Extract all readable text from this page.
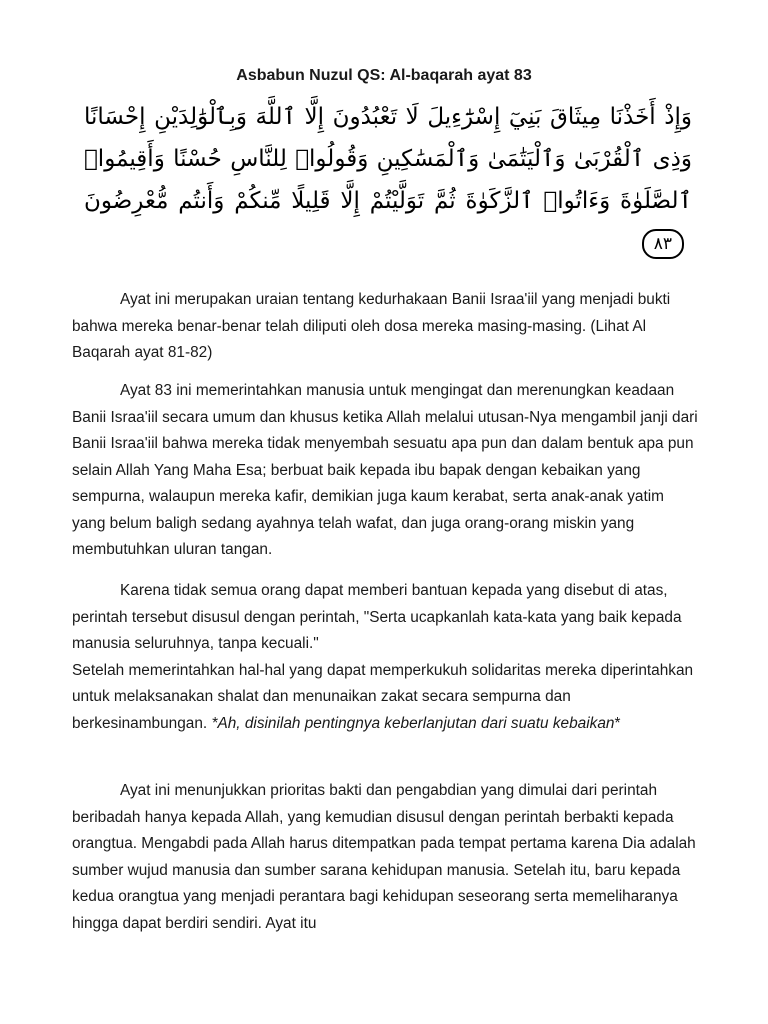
Asbabun Nuzul QS: Al-baqarah ayat 83
وَإِذْ أَخَذْنَا مِيثَاقَ بَنِيٓ إِسْرَٰٓءِيلَ لَا تَعْبُدُونَ إِلَّا ٱللَّهَ وَبِٱلْوَٰلِدَيْنِ إِحْسَانًا وَذِى ٱلْقُرْبَىٰ وَٱلْيَتَٰمَىٰ وَٱلْمَسَٰكِينِ وَقُولُوا۟ لِلنَّاسِ حُسْنًا وَأَقِيمُوا۟ ٱلصَّلَوٰةَ وَءَاتُوا۟ ٱلزَّكَوٰةَ ثُمَّ تَوَلَّيْتُمْ إِلَّا قَلِيلًا مِّنكُمْ وَأَنتُم مُّعْرِضُونَ٨٣

Ayat ini merupakan uraian tentang kedurhakaan Banii Israa'iil yang menjadi bukti bahwa mereka benar-benar telah diliputi oleh dosa mereka masing-masing. (Lihat Al Baqarah ayat 81-82)

Ayat 83 ini memerintahkan manusia untuk mengingat dan merenungkan keadaan Banii Israa'iil secara umum dan khusus ketika Allah melalui utusan-Nya mengambil janji dari Banii Israa'iil bahwa mereka tidak menyembah sesuatu apa pun dan dalam bentuk apa pun selain Allah Yang Maha Esa; berbuat baik kepada ibu bapak dengan kebaikan yang sempurna, walaupun mereka kafir, demikian juga kaum kerabat, serta anak-anak yatim yang belum baligh sedang ayahnya telah wafat, dan juga orang-orang miskin yang membutuhkan uluran tangan.

Karena tidak semua orang dapat memberi bantuan kepada yang disebut di atas, perintah tersebut disusul dengan perintah, "Serta ucapkanlah kata-kata yang baik kepada manusia seluruhnya, tanpa kecuali."

Setelah memerintahkan hal-hal yang dapat memperkukuh solidaritas mereka diperintahkan untuk melaksanakan shalat dan menunaikan zakat secara sempurna dan berkesinambungan. *Ah, disinilah pentingnya keberlanjutan dari suatu kebaikan*

Ayat ini menunjukkan prioritas bakti dan pengabdian yang dimulai dari perintah beribadah hanya kepada Allah, yang kemudian disusul dengan perintah berbakti kepada orangtua. Mengabdi pada Allah harus ditempatkan pada tempat pertama karena Dia adalah sumber wujud manusia dan sumber sarana kehidupan manusia. Setelah itu, baru kepada kedua orangtua yang menjadi perantara bagi kehidupan seseorang serta memeliharanya hingga dapat berdiri sendiri. Ayat itu
